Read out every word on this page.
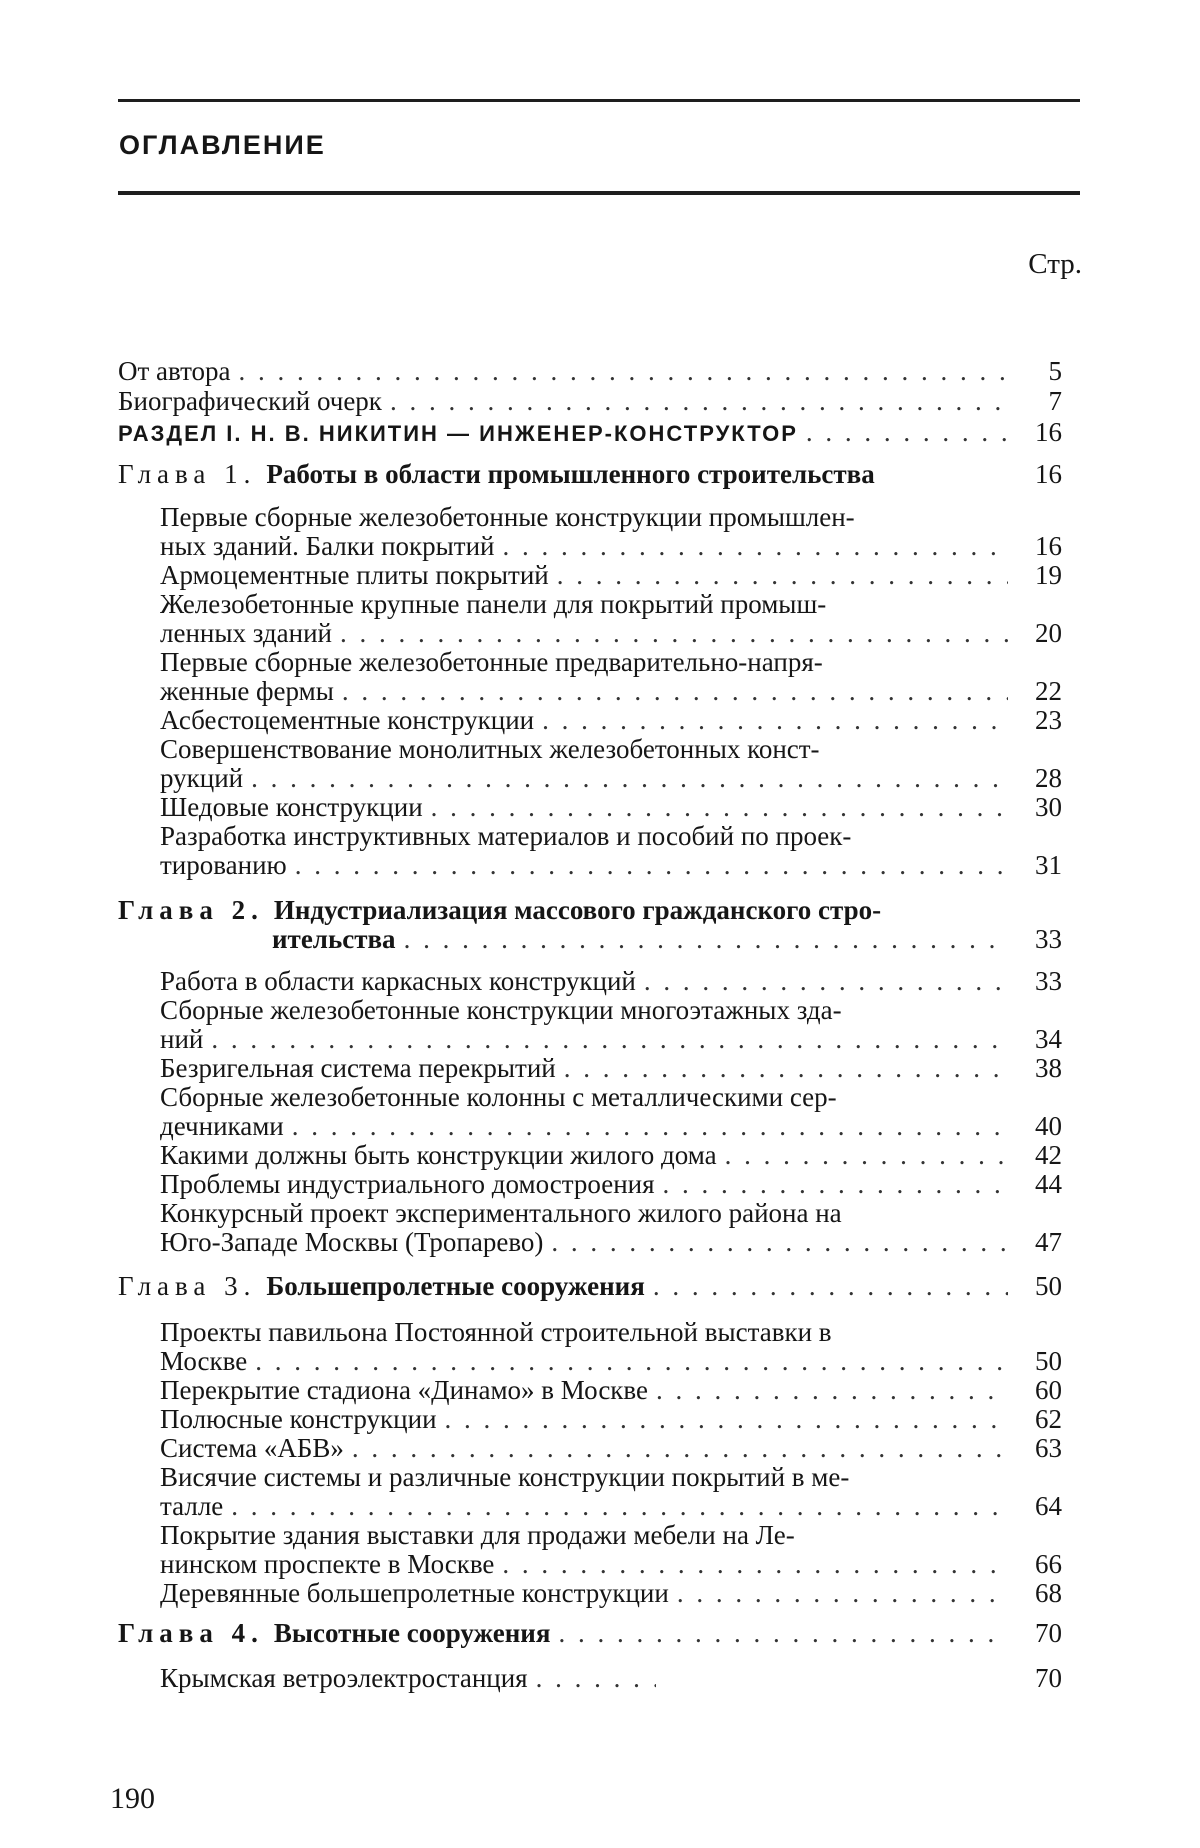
ОГЛАВЛЕНИЕ
Стр.
От автора . . .	5
Биографический очерк . . .	7
РАЗДЕЛ I. Н. В. НИКИТИН — ИНЖЕНЕР-КОНСТРУКТОР . . .	16
Глава 1. Работы в области промышленного строительства	16
Первые сборные железобетонные конструкции промышлен-
ных зданий. Балки покрытий . . .	16
Армоцементные плиты покрытий . . .	19
Железобетонные крупные панели для покрытий промыш-
ленных зданий . . .	20
Первые сборные железобетонные предварительно-напря-
женные фермы . . .	22
Асбестоцементные конструкции . . .	23
Совершенствование монолитных железобетонных конст-
рукций . . .	28
Шедовые конструкции . . .	30
Разработка инструктивных материалов и пособий по проек-
тированию . . .	31
Глава 2. Индустриализация массового гражданского стро-
ительства . . .	33
Работа в области каркасных конструкций . . .	33
Сборные железобетонные конструкции многоэтажных зда-
ний . . .	34
Безригельная система перекрытий . . .	38
Сборные железобетонные колонны с металлическими сер-
дечниками . . .	40
Какими должны быть конструкции жилого дома . . .	42
Проблемы индустриального домостроения . . .	44
Конкурсный проект экспериментального жилого района на
Юго-Западе Москвы (Тропарево) . . .	47
Глава 3. Большепролетные сооружения . . .	50
Проекты павильона Постоянной строительной выставки в
Москве . . .	50
Перекрытие стадиона «Динамо» в Москве . . .	60
Полюсные конструкции . . .	62
Система «АБВ» . . .	63
Висячие системы и различные конструкции покрытий в ме-
талле . . .	64
Покрытие здания выставки для продажи мебели на Ле-
нинском проспекте в Москве . . .	66
Деревянные большепролетные конструкции . . .	68
Глава 4. Высотные сооружения . . .	70
Крымская ветроэлектростанция . . .	70
190
